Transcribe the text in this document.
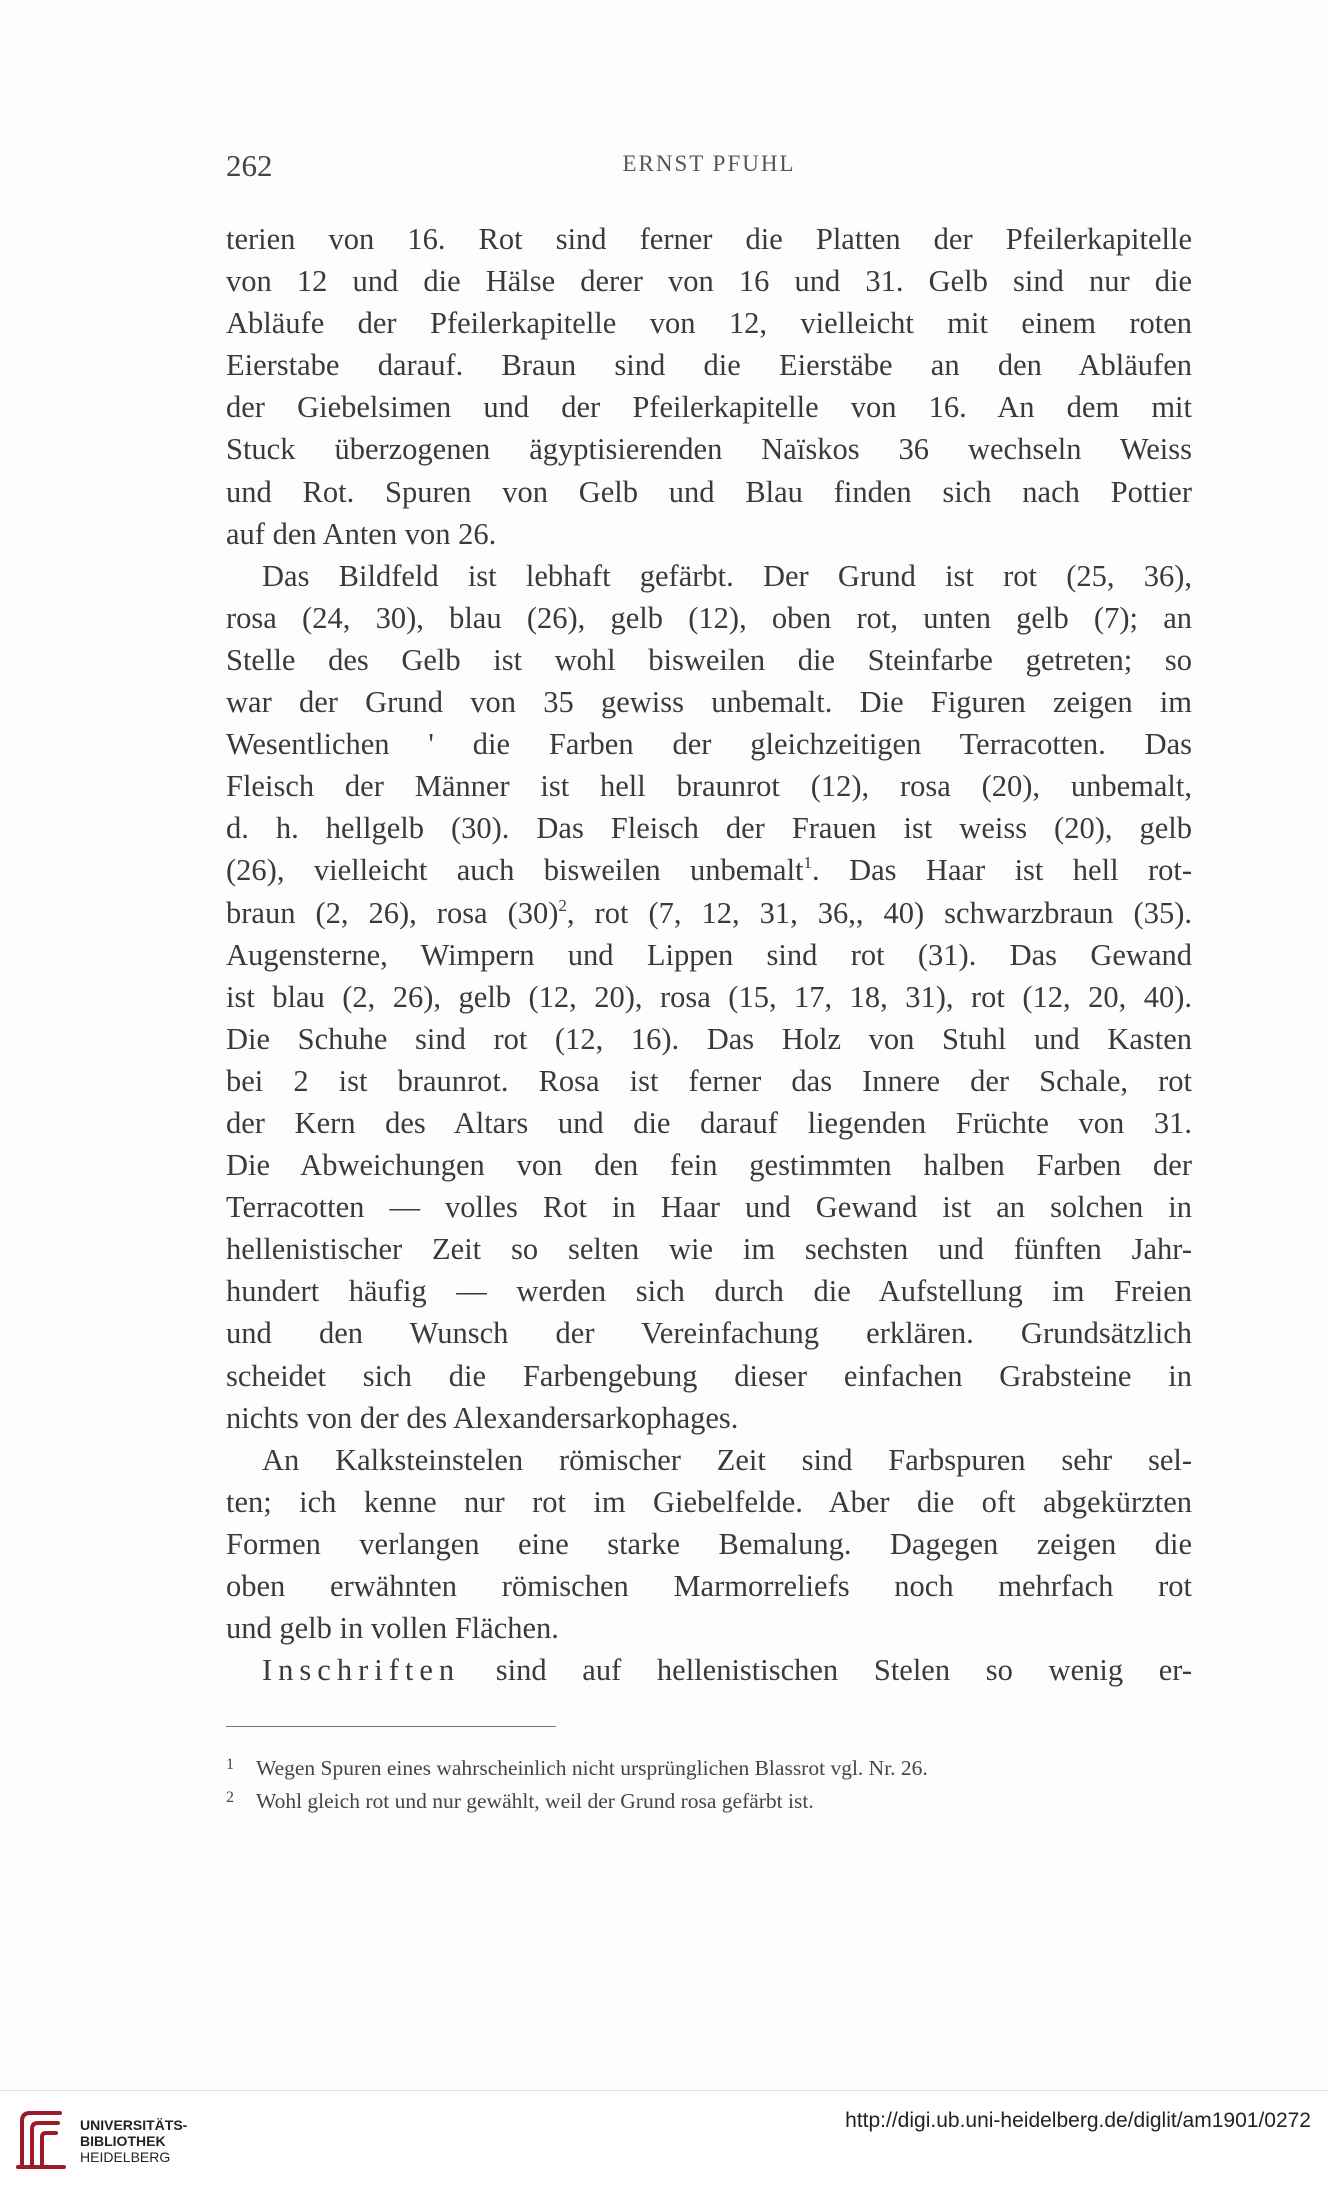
262	ERNST PFUHL
terien von 16. Rot sind ferner die Platten der Pfeilerkapitelle
von 12 und die Hälse derer von 16 und 31. Gelb sind nur die
Abläufe der Pfeilerkapitelle von 12, vielleicht mit einem roten
Eierstabe darauf. Braun sind die Eierstäbe an den Abläufen
der Giebelsimen und der Pfeilerkapitelle von 16. An dem mit
Stuck überzogenen ägyptisierenden Naïskos 36 wechseln Weiss
und Rot. Spuren von Gelb und Blau finden sich nach Pottier
auf den Anten von 26.
Das Bildfeld ist lebhaft gefärbt. Der Grund ist rot (25, 36),
rosa (24, 30), blau (26), gelb (12), oben rot, unten gelb (7); an
Stelle des Gelb ist wohl bisweilen die Steinfarbe getreten; so
war der Grund von 35 gewiss unbemalt. Die Figuren zeigen im
Wesentlichen ' die Farben der gleichzeitigen Terracotten. Das
Fleisch der Männer ist hell braunrot (12), rosa (20), unbemalt,
d. h. hellgelb (30). Das Fleisch der Frauen ist weiss (20), gelb
(26), vielleicht auch bisweilen unbemalt$^1$. Das Haar ist hell rot-
braun (2, 26), rosa $(30)^2$, rot (7, 12, 31, 36,, 40) schwarzbraun (35).
Augensterne, Wimpern und Lippen sind rot (31). Das Gewand
ist blau (2, 26), gelb (12, 20), rosa (15, 17, 18, 31), rot (12, 20, 40).
Die Schuhe sind rot (12, 16). Das Holz von Stuhl und Kasten
bei 2 ist braunrot. Rosa ist ferner das Innere der Schale, rot
der Kern des Altars und die darauf liegenden Früchte von 31.
Die Abweichungen von den fein gestimmten halben Farben der
Terracotten — volles Rot in Haar und Gewand ist an solchen in
hellenistischer Zeit so selten wie im sechsten und fünften Jahr-
hundert häufig — werden sich durch die Aufstellung im Freien
und den Wunsch der Vereinfachung erklären. Grundsätzlich
scheidet sich die Farbengebung dieser einfachen Grabsteine in
nichts von der des Alexandersarkophages.
An Kalksteinstelen römischer Zeit sind Farbspuren sehr sel-
ten; ich kenne nur rot im Giebelfelde. Aber die oft abgekürzten
Formen verlangen eine starke Bemalung. Dagegen zeigen die
oben erwähnten römischen Marmorreliefs noch mehrfach rot
und gelb in vollen Flächen.
Inschriften sind auf hellenistischen Stelen so wenig er-
1 Wegen Spuren eines wahrscheinlich nicht ursprünglichen Blassrot vgl. Nr. 26.
2 Wohl gleich rot und nur gewählt, weil der Grund rosa gefärbt ist.
UNIVERSITÄTS-
BIBLIOTHEK
HEIDELBERG
http://digi.ub.uni-heidelberg.de/diglit/am1901/0272
